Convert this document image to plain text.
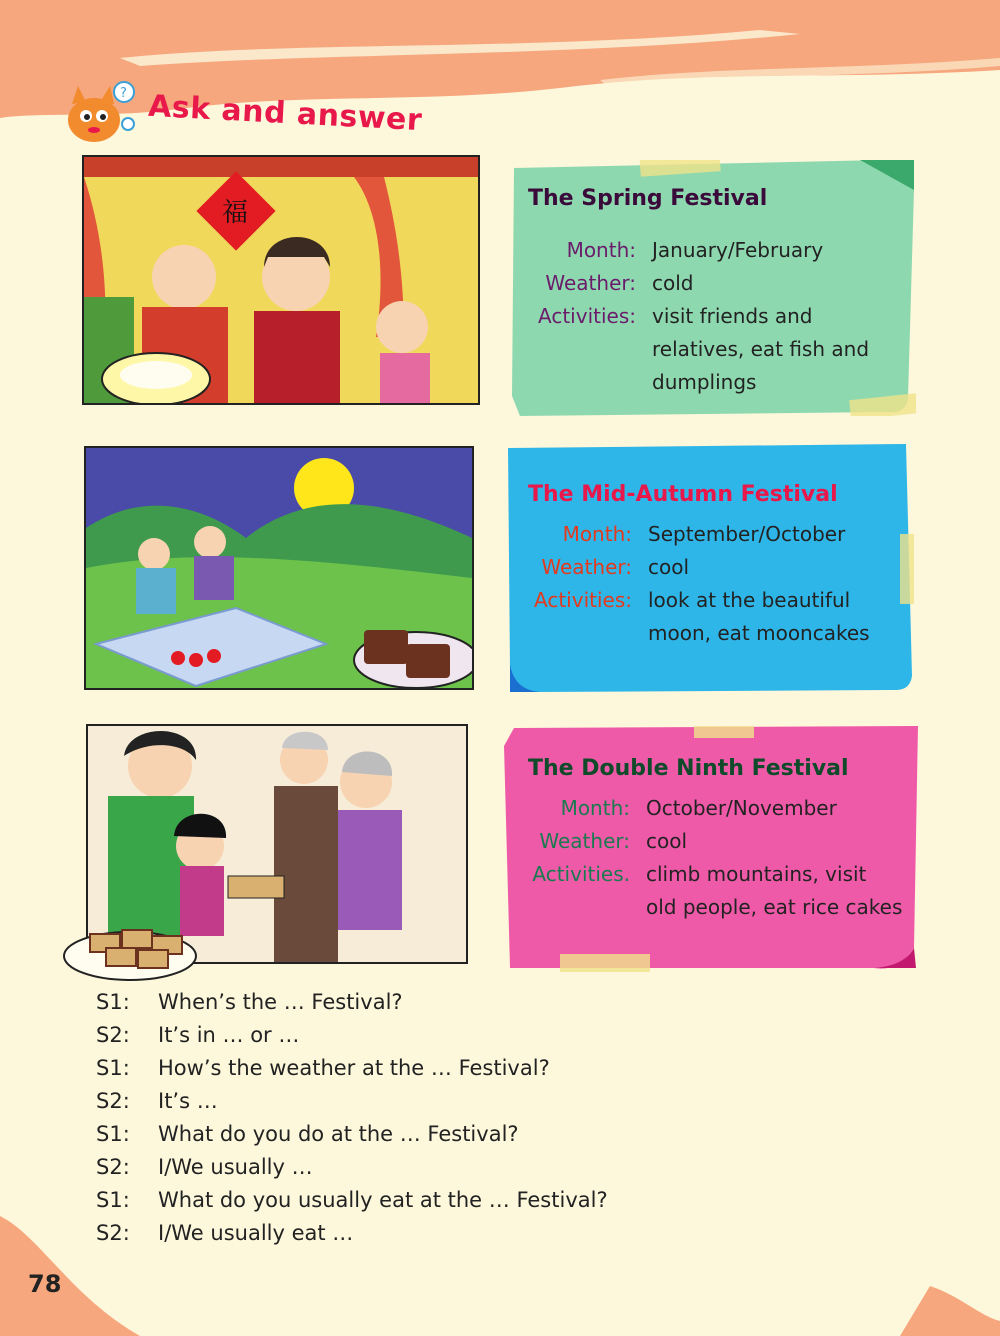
? Ask and answer
福	The Spring Festival
Month: January/February
Weather: cold
Activities: visit friends and
relatives, eat fish and
dumplings
The Mid-Autumn Festival
Month: September/October
Weather: cool
Activities: look at the beautiful
moon, eat mooncakes
The Double Ninth Festival
Month: October/November
Weather: cool
Activities. climb mountains, visit
old people, eat rice cakes
S1:	When’s the … Festival?
S2:	It’s in … or …
S1:	How’s the weather at the … Festival?
S2:	It’s …
S1:	What do you do at the … Festival?
S2:	I/We usually …
S1:	What do you usually eat at the … Festival?
S2:	I/We usually eat …
78
